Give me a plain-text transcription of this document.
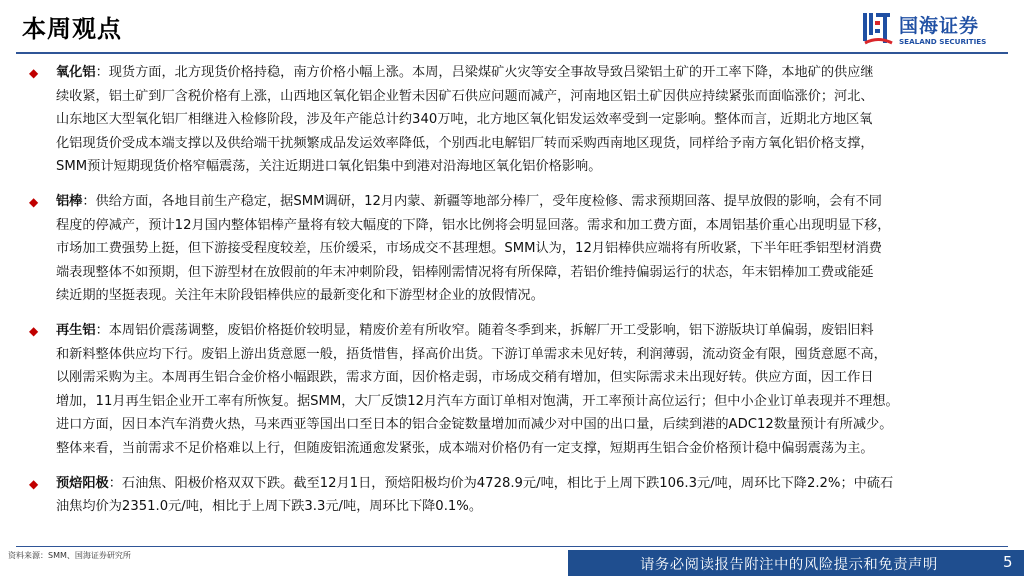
本周观点	国海证券
SEALAND SECURITIES
◆ 氧化铝：现货方面，北方现货价格持稳，南方价格小幅上涨。本周，吕梁煤矿火灾等安全事故导致吕梁铝土矿的开工率下降，本地矿的供应继
续收紧，铝土矿到厂含税价格有上涨，山西地区氧化铝企业暂未因矿石供应问题而减产，河南地区铝土矿因供应持续紧张而面临涨价；河北、
山东地区大型氧化铝厂相继进入检修阶段，涉及年产能总计约340万吨，北方地区氧化铝发运效率受到一定影响。整体而言，近期北方地区氧
化铝现货价受成本端支撑以及供给端干扰频繁成品发运效率降低，个别西北电解铝厂转而采购西南地区现货，同样给予南方氧化铝价格支撑，
SMM预计短期现货价格窄幅震荡，关注近期进口氧化铝集中到港对沿海地区氧化铝价格影响。
◆ 铝棒：供给方面，各地目前生产稳定，据SMM调研，12月内蒙、新疆等地部分棒厂，受年度检修、需求预期回落、提早放假的影响，会有不同
程度的停减产，预计12月国内整体铝棒产量将有较大幅度的下降，铝水比例将会明显回落。需求和加工费方面，本周铝基价重心出现明显下移，
市场加工费强势上挺，但下游接受程度较差，压价缓采，市场成交不甚理想。SMM认为，12月铝棒供应端将有所收紧，下半年旺季铝型材消费
端表现整体不如预期，但下游型材在放假前的年末冲刺阶段，铝棒刚需情况将有所保障，若铝价维持偏弱运行的状态，年末铝棒加工费或能延
续近期的坚挺表现。关注年末阶段铝棒供应的最新变化和下游型材企业的放假情况。
◆ 再生铝：本周铝价震荡调整，废铝价格挺价较明显，精废价差有所收窄。随着冬季到来，拆解厂开工受影响，铝下游版块订单偏弱，废铝旧料
和新料整体供应均下行。废铝上游出货意愿一般，捂货惜售，择高价出货。下游订单需求未见好转，利润薄弱，流动资金有限，囤货意愿不高，
以刚需采购为主。本周再生铝合金价格小幅跟跌，需求方面，因价格走弱，市场成交稍有增加，但实际需求未出现好转。供应方面，因工作日
增加，11月再生铝企业开工率有所恢复。据SMM，大厂反馈12月汽车方面订单相对饱满，开工率预计高位运行；但中小企业订单表现并不理想。
进口方面，因日本汽车消费火热，马来西亚等国出口至日本的铝合金锭数量增加而减少对中国的出口量，后续到港的ADC12数量预计有所减少。
整体来看，当前需求不足价格难以上行，但随废铝流通愈发紧张，成本端对价格仍有一定支撑，短期再生铝合金价格预计稳中偏弱震荡为主。
◆ 预焙阳极：石油焦、阳极价格双双下跌。截至12月1日，预焙阳极均价为4728.9元/吨，相比于上周下跌106.3元/吨，周环比下降2.2%；中硫石
油焦均价为2351.0元/吨，相比于上周下跌3.3元/吨，周环比下降0.1%。
资料来源：SMM、国海证券研究所
请务必阅读报告附注中的风险提示和免责声明	5
